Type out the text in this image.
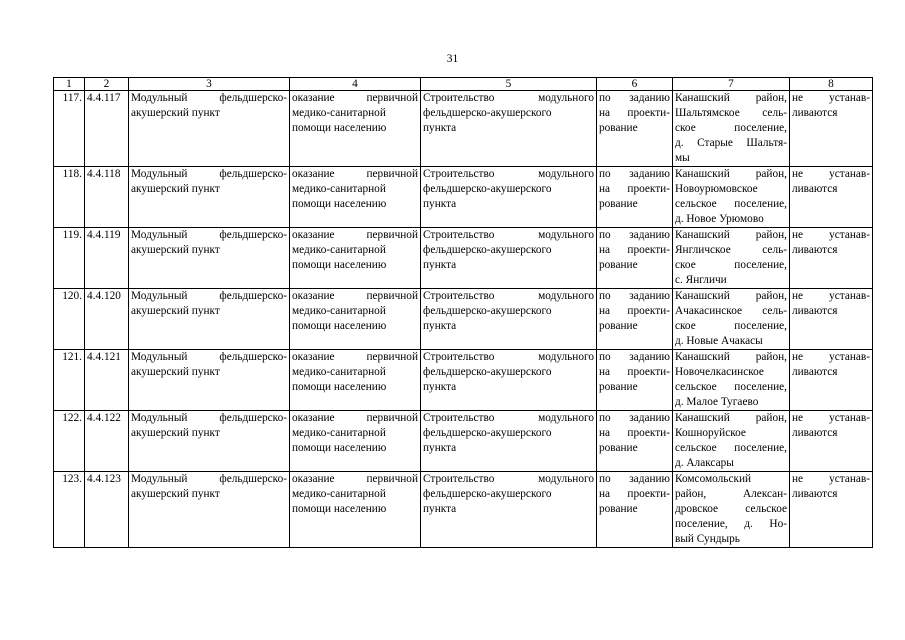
31
1	2	3	4	5	6	7	8
117.	4.4.117	Модульный фельдшерско-
акушерский пункт	оказание первичной
медико-санитарной
помощи населению	Строительство модульного
фельдшерско-акушерского
пункта	по заданию
на проекти-
рование	Канашский район,
Шальтямское сель-
ское поселение,
д. Старые Шальтя-
мы	не устанав-
ливаются

118.	4.4.118	Модульный фельдшерско-
акушерский пункт	оказание первичной
медико-санитарной
помощи населению	Строительство модульного
фельдшерско-акушерского
пункта	по заданию
на проекти-
рование	Канашский район,
Новоурюмовское
сельское поселение,
д. Новое Урюмово	не устанав-
ливаются

119.	4.4.119	Модульный фельдшерско-
акушерский пункт	оказание первичной
медико-санитарной
помощи населению	Строительство модульного
фельдшерско-акушерского
пункта	по заданию
на проекти-
рование	Канашский район,
Янгличское сель-
ское поселение,
с. Янгличи	не устанав-
ливаются

120.	4.4.120	Модульный фельдшерско-
акушерский пункт	оказание первичной
медико-санитарной
помощи населению	Строительство модульного
фельдшерско-акушерского
пункта	по заданию
на проекти-
рование	Канашский район,
Ачакасинское сель-
ское поселение,
д. Новые Ачакасы	не устанав-
ливаются

121.	4.4.121	Модульный фельдшерско-
акушерский пункт	оказание первичной
медико-санитарной
помощи населению	Строительство модульного
фельдшерско-акушерского
пункта	по заданию
на проекти-
рование	Канашский район,
Новочелкасинское
сельское поселение,
д. Малое Тугаево	не устанав-
ливаются

122.	4.4.122	Модульный фельдшерско-
акушерский пункт	оказание первичной
медико-санитарной
помощи населению	Строительство модульного
фельдшерско-акушерского
пункта	по заданию
на проекти-
рование	Канашский район,
Кошноруйское
сельское поселение,
д. Алаксары	не устанав-
ливаются

123.	4.4.123	Модульный фельдшерско-
акушерский пункт	оказание первичной
медико-санитарной
помощи населению	Строительство модульного
фельдшерско-акушерского
пункта	по заданию
на проекти-
рование	Комсомольский
район, Алексан-
дровское сельское
поселение, д. Но-
вый Сундырь	не устанав-
ливаются
